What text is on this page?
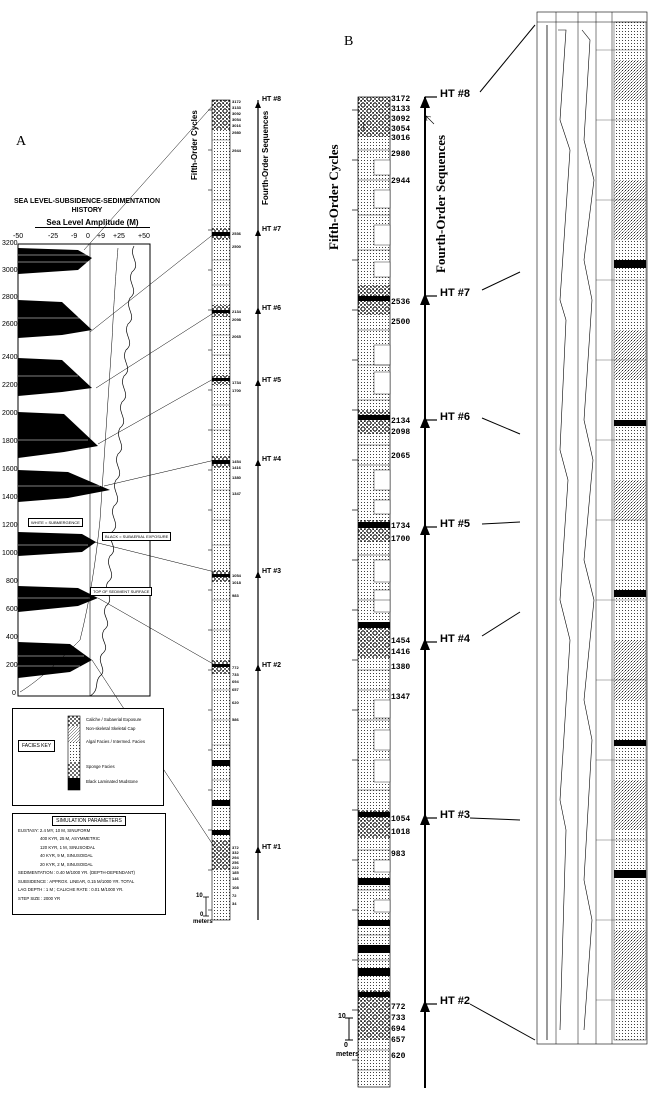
A
SEA LEVEL-SUBSIDENCE-SEDIMENTATION
HISTORY
Sea Level Amplitude (M)
-50	-25 -9 0 +9 +25 +50
3200
3000
2800
2600
2400
2200
2000
1800
1600
1400
1200
1000
800
600
400
200
0
WHITE = SUBMERGENCE
BLACK = SUBAERIAL EXPOSURE
TOP OF SEDIMENT SURFACE
Fifth-Order Cycles	Fourth-Order Sequences
HT #8
HT #7
HT #6
HT #5
HT #4
HT #3
HT #2
HT #1
3172
3133
3092
3054
3016
2980
2944
2536
2500
2134
2098
2065
1734
1700
1454
1416
1380
1347
1054
1018
983
772
733
694
657
620
586
372
332
294
256
222
185
146
108
72
34
10
0
meters
FACIES KEY
Caliche / Subaerial Exposure
Non-skeletal Skeletal Cap
Algal Facies / Intermed. Facies
Sponge Facies
Black Laminated Mudstone
SIMULATION PARAMETERS
EUSTASY: 2.4 MY, 10 M, SINUFORM
400 KYR, 25 M, ASYMMETRIC
120 KYR, 1 M, SINUSOIDAL
40 KYR, 9 M, SINUSOIDAL
20 KYR, 2 M, SINUSOIDAL
SEDIMENTATION : 0.40 M/1000 YR. (DEPTH-DEPENDANT)
SUBSIDENCE : APPROX. LINEAR, 0.15 M/1000 YR. TOTAL
LAG DEPTH : 1 M ; CALICHE RATE : 0.01 M/1000 YR.
STEP SIZE : 2000 YR
B
Fifth-Order Cycles	Fourth-Order Sequences
HT #8
HT #7
HT #6
HT #5
HT #4
HT #3
HT #2
3172
3133
3092
3054
3016
2980
2944
2536
2500
2134
2098
2065
1734
1700
1454
1416
1380
1347
1054
1018
983
772
733
694
657
620
10
0
meters
